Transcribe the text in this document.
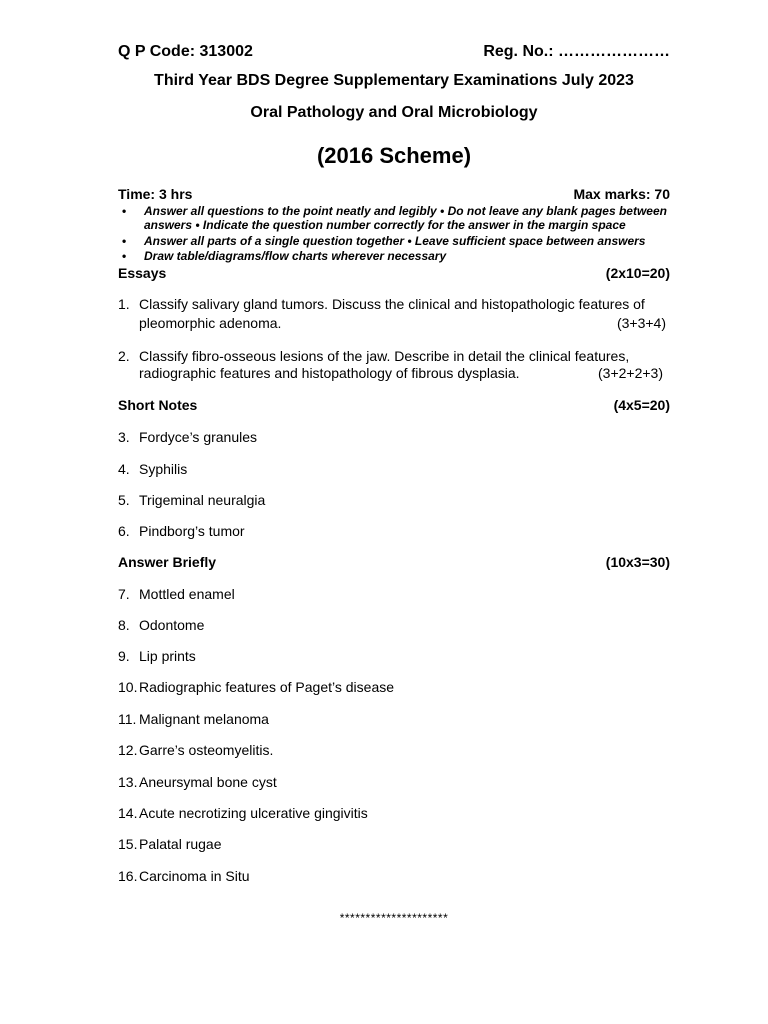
Q P Code: 313002	Reg. No.: …………………
Third Year BDS Degree Supplementary Examinations July 2023
Oral Pathology and Oral Microbiology
(2016 Scheme)
Time: 3 hrs	Max marks: 70
•	Answer all questions to the point neatly and legibly • Do not leave any blank pages between answers • Indicate the question number correctly for the answer in the margin space
•	Answer all parts of a single question together • Leave sufficient space between answers
•	Draw table/diagrams/flow charts wherever necessary
Essays	(2x10=20)
1. Classify salivary gland tumors. Discuss the clinical and histopathologic features of
pleomorphic adenoma.	(3+3+4)
2. Classify fibro-osseous lesions of the jaw. Describe in detail the clinical features,
radiographic features and histopathology of fibrous dysplasia.	(3+2+2+3)
Short Notes	(4x5=20)
3. Fordyce’s granules
4. Syphilis
5. Trigeminal neuralgia
6. Pindborg’s tumor
Answer Briefly	(10x3=30)
7. Mottled enamel
8. Odontome
9. Lip prints
10. Radiographic features of Paget’s disease
11. Malignant melanoma
12. Garre’s osteomyelitis.
13. Aneursymal bone cyst
14. Acute necrotizing ulcerative gingivitis
15. Palatal rugae
16. Carcinoma in Situ
*********************
